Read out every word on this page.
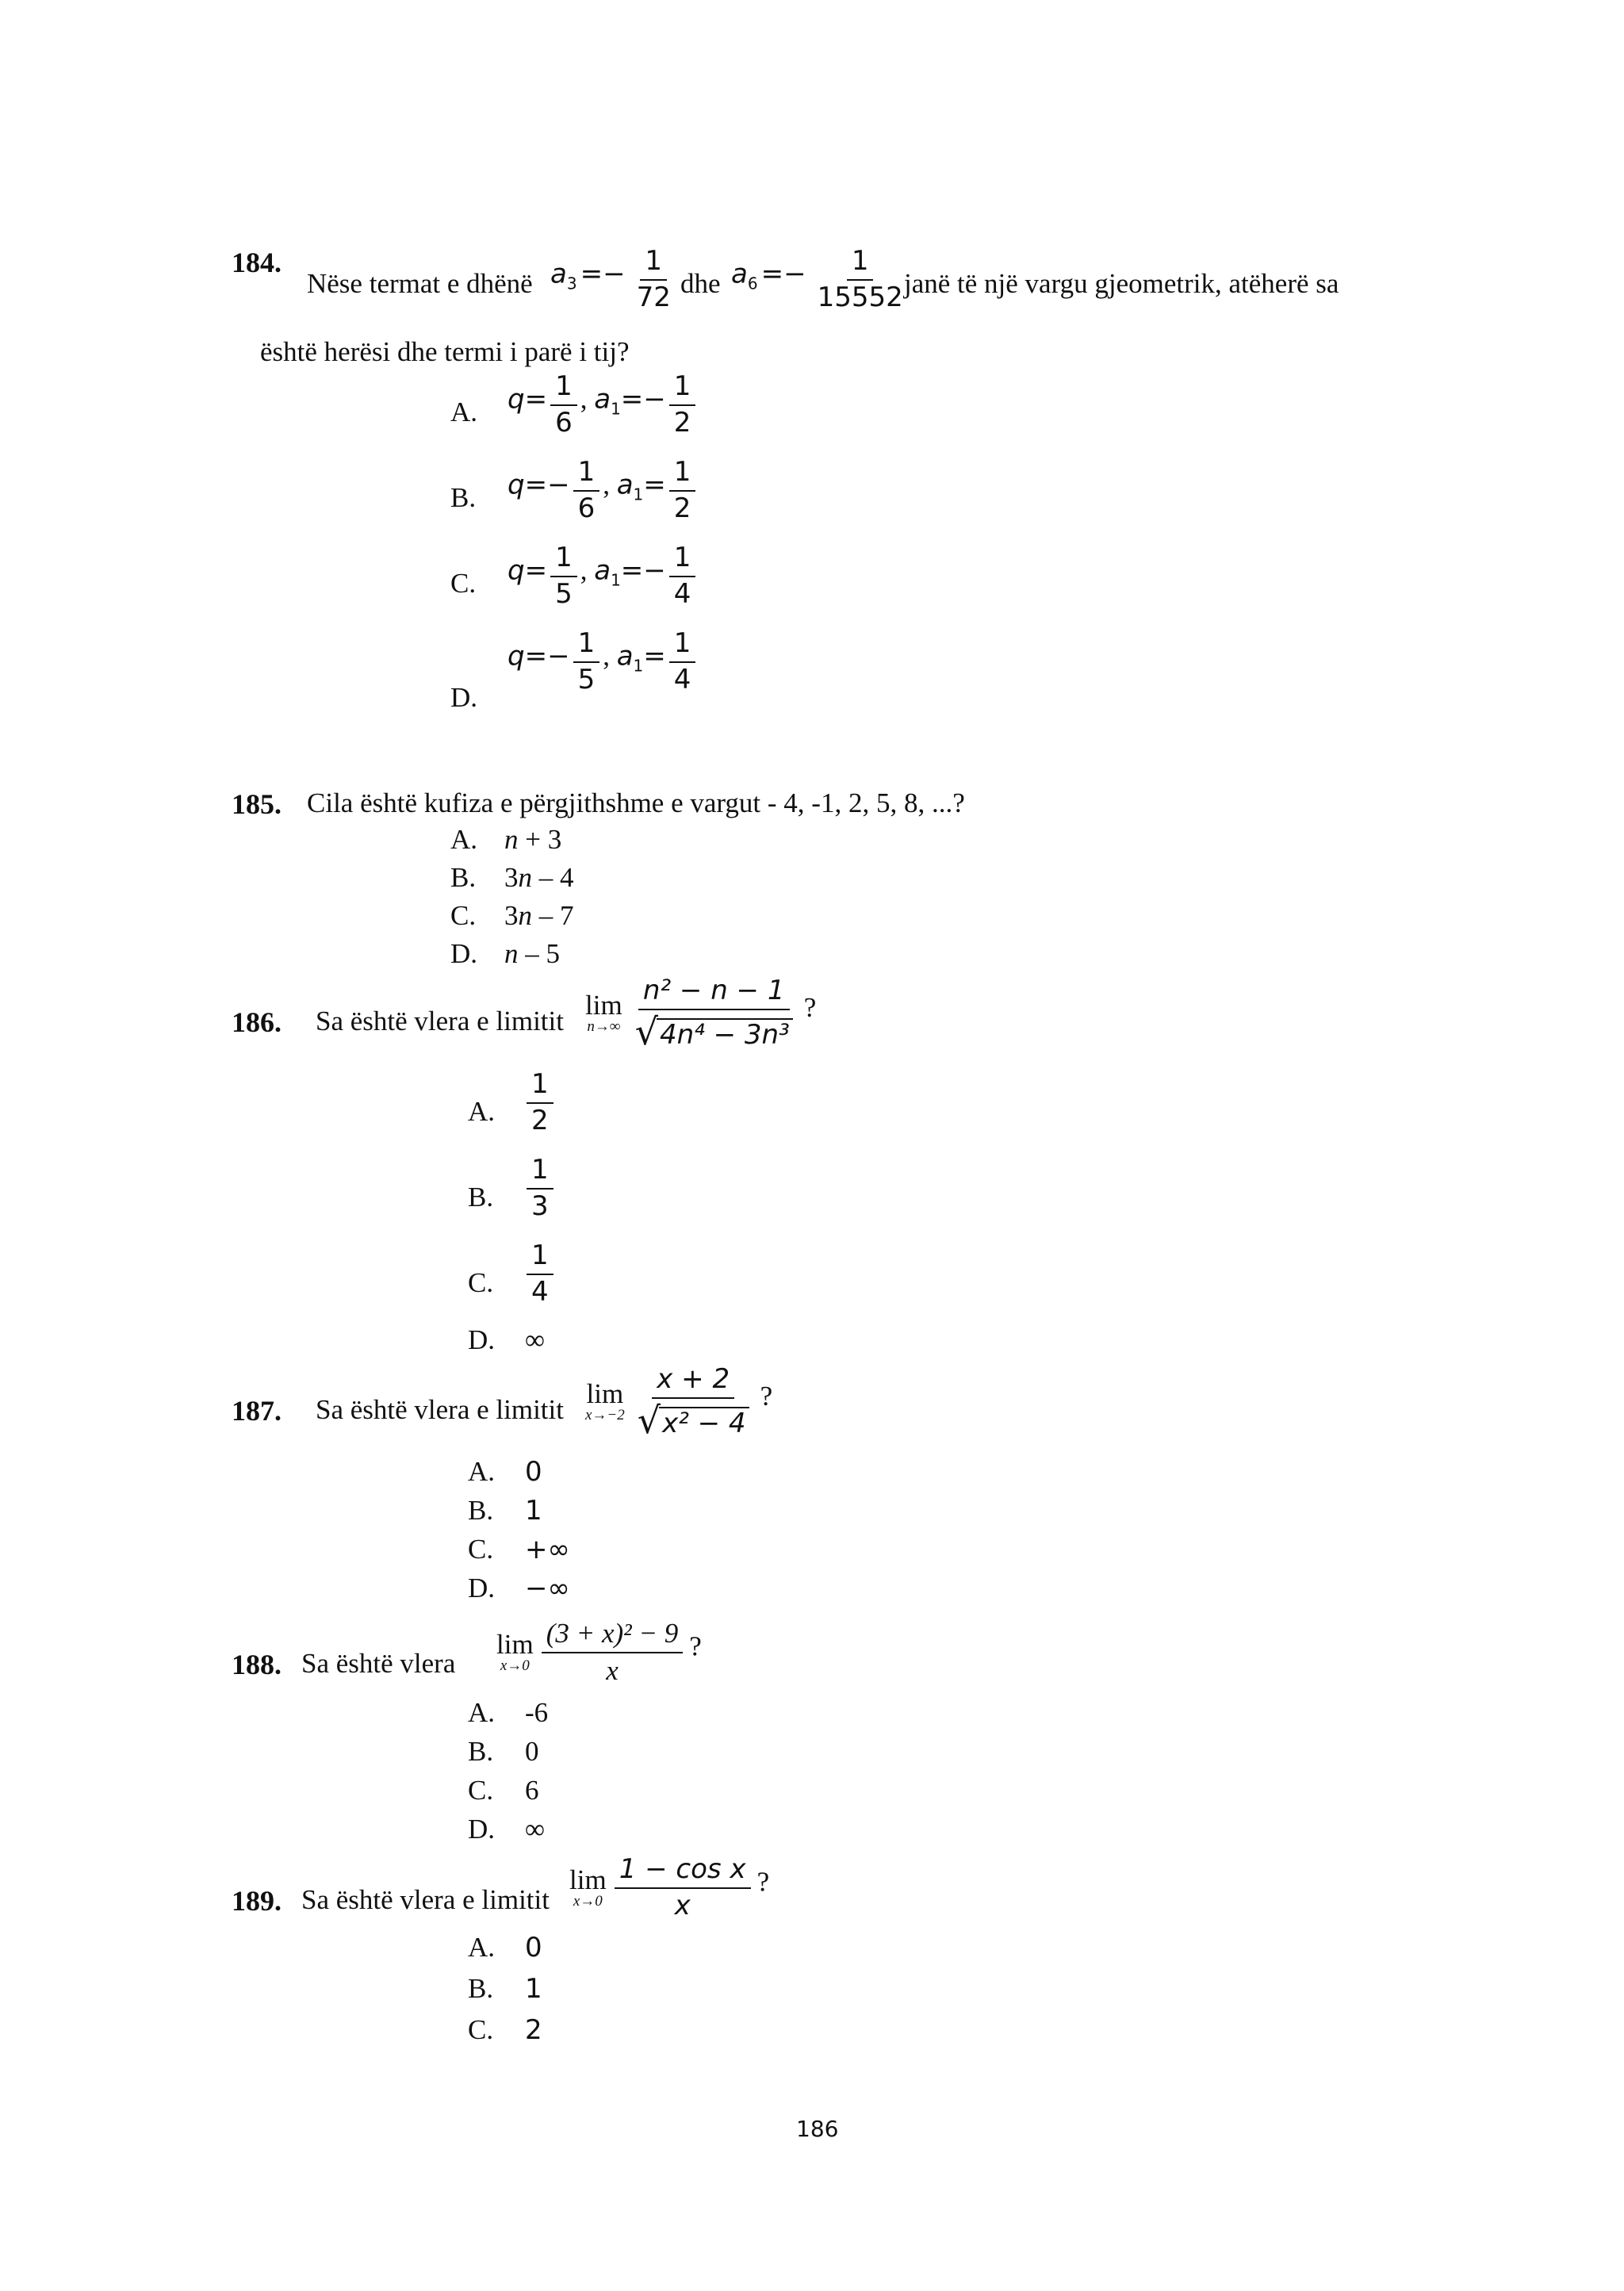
184.
Nëse termat e dhënë $a3 =- \frac{1}{72}$ dhe $a6 =- \frac{1}{15552}$
janë të një vargu gjeometrik, atëherë sa
është herësi dhe termi i parë i tij?
A. $q= \frac{1}{6}$ , $a1=- \frac{1}{2}$
B. $q=- \frac{1}{6}$ , $a1= \frac{1}{2}$
C. $q= \frac{1}{5}$ , $a1=- \frac{1}{4}$
D.
$q=- \frac{1}{5}$ , $a1= \frac{1}{4}$
185. Cila është kufiza e përgjithshme e vargut - 4, -1, 2, 5, 8, ...?
A. n + 3
B. 3n – 4
C. 3n – 7
D. n – 5
186. Sa është vlera e limitit
lim
n→∞
$\frac{\text{n² − n − 1}}{\text{√ 4n⁴ − 3n³}}$ ?
A. $\frac{1}{2}$
B. $\frac{1}{3}$
C. $\frac{1}{4}$
D. ∞
187. Sa është vlera e limitit
lim
x→−2
$\frac{x + 2}{\text{√ x² − 4}}$ ?
A. 0
B. 1
C. +∞
D. −∞
188. Sa është vlera
lim
x→0
$\frac{\text{(3 + x)² − 9}}{x}$ ?
A. -6
B. 0
C. 6
D. ∞
189. Sa është vlera e limitit
lim
x→0
$\frac{\text{1 − cos x}}{x}$ ?
A. 0
B. 1
C. 2
186
